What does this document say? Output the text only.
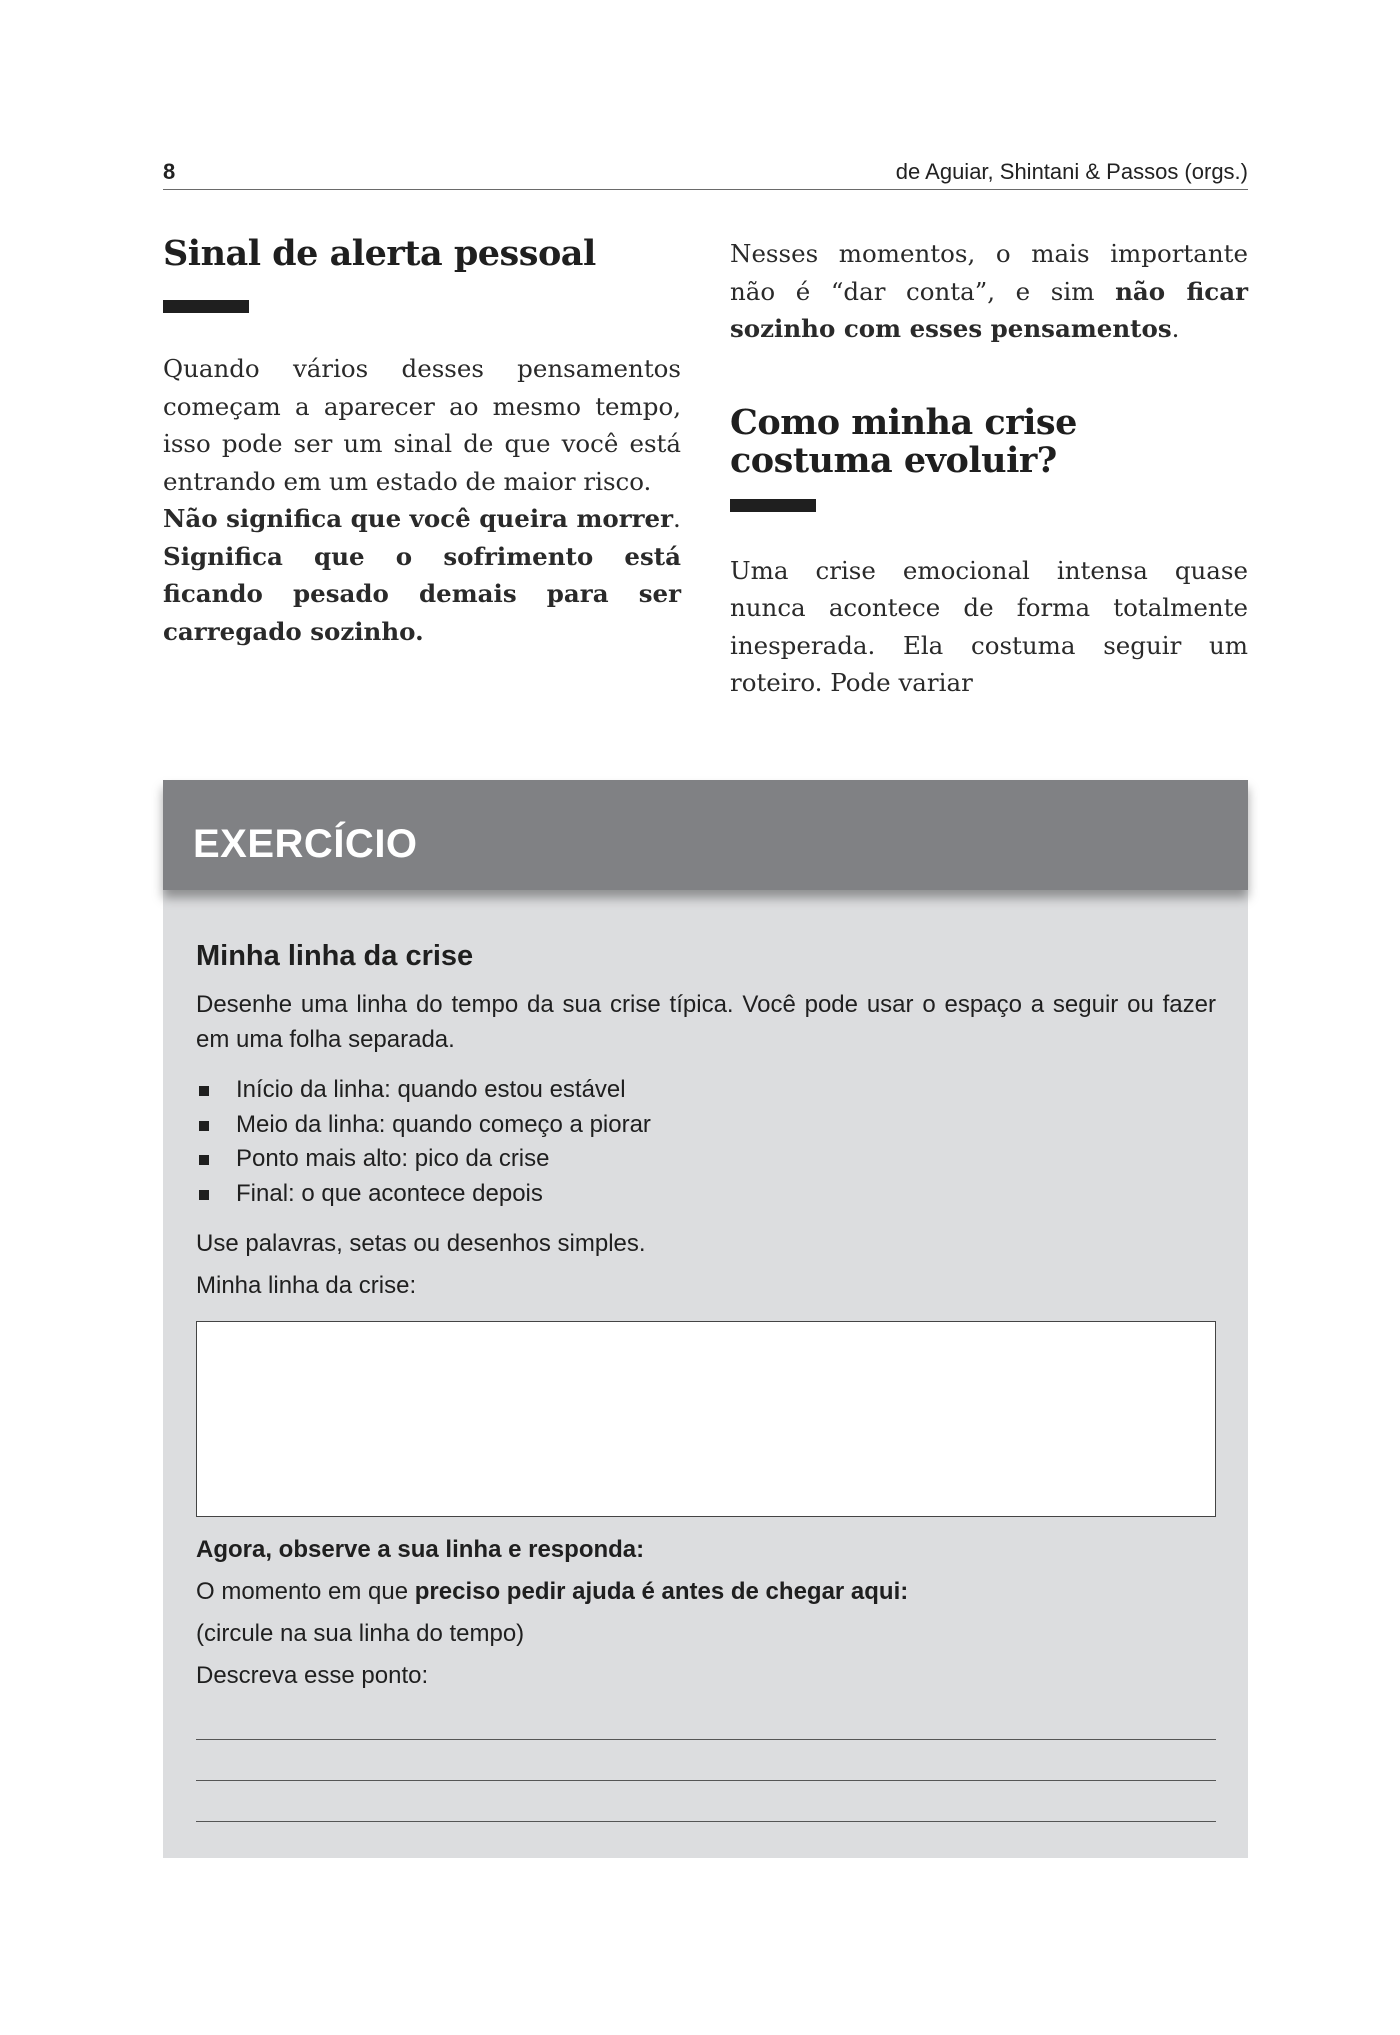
8	de Aguiar, Shintani & Passos (orgs.)
Sinal de alerta pessoal

Quando vários desses pensamentos começam a aparecer ao mesmo tempo, isso pode ser um sinal de que você está entrando em um estado de maior risco.

Não significa que você queira morrer.

Significa que o sofrimento está ficando pesado demais para ser carregado sozinho.

Nesses momentos, o mais importante não é “dar conta”, e sim não ficar sozinho com esses pensamentos.

Como minha crise costuma evoluir?

Uma crise emocional intensa quase nunca acontece de forma totalmente inesperada. Ela costuma seguir um roteiro. Pode variar

EXERCÍCIO

Minha linha da crise

Desenhe uma linha do tempo da sua crise típica. Você pode usar o espaço a seguir ou fazer em uma folha separada.

Início da linha: quando estou estável
Meio da linha: quando começo a piorar
Ponto mais alto: pico da crise
Final: o que acontece depois

Use palavras, setas ou desenhos simples.

Minha linha da crise:

Agora, observe a sua linha e responda:

O momento em que preciso pedir ajuda é antes de chegar aqui:

(circule na sua linha do tempo)

Descreva esse ponto:
